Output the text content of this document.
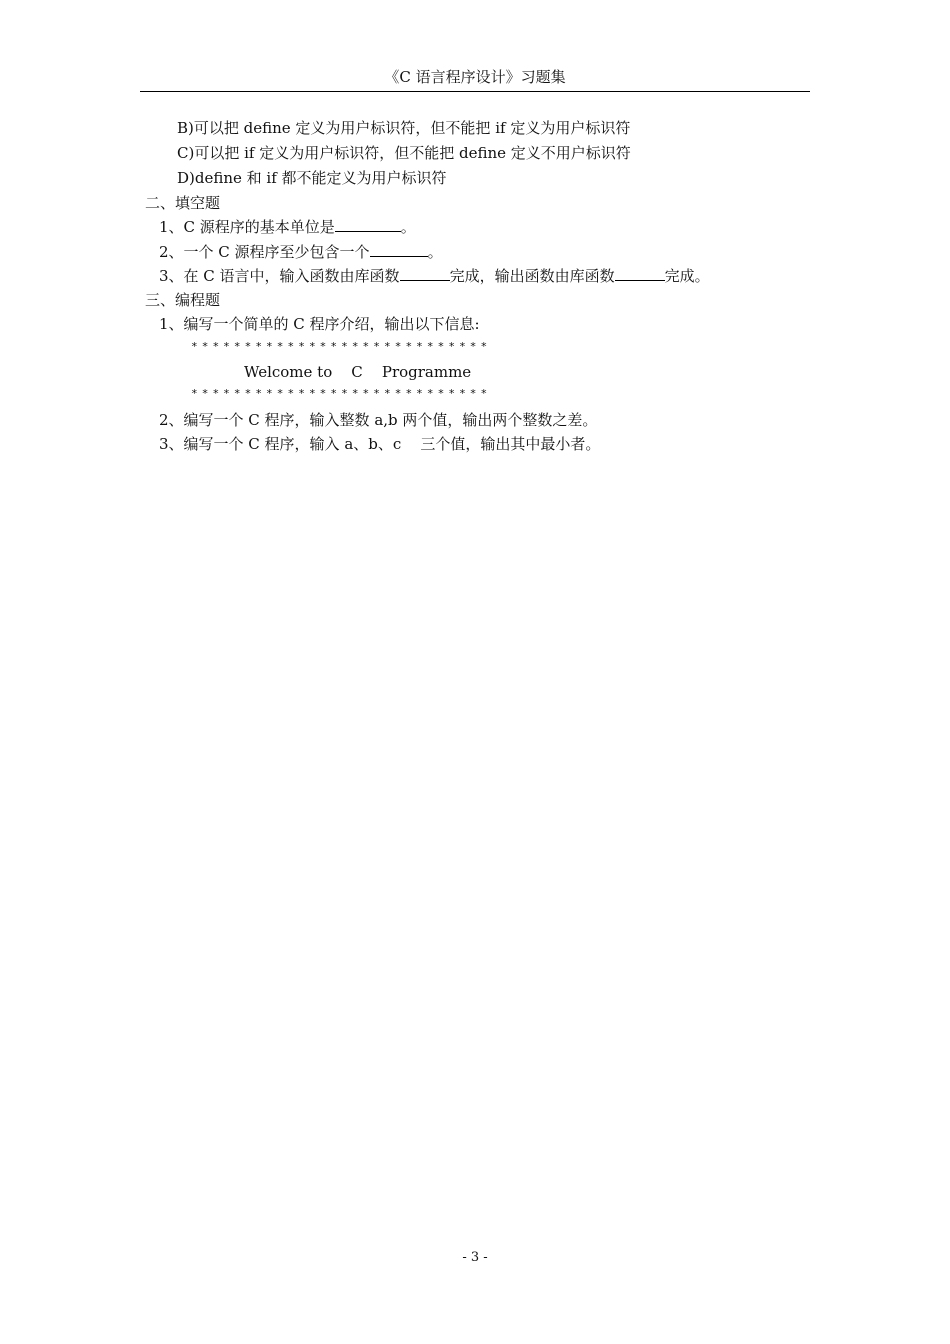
《C 语言程序设计》习题集
B)可以把 define 定义为用户标识符，但不能把 if 定义为用户标识符
C)可以把 if 定义为用户标识符，但不能把 define 定义不用户标识符
D)define 和 if 都不能定义为用户标识符
二、填空题
1、C 源程序的基本单位是	。
2、一个 C 源程序至少包含一个	。
3、在 C 语言中，输入函数由库函数	完成，输出函数由库函数	完成。
三、编程题
1、编写一个简单的 C 程序介绍，输出以下信息:
****************************
Welcome to    C    Programme
****************************
2、编写一个 C 程序，输入整数 a,b 两个值，输出两个整数之差。
3、编写一个 C 程序，输入 a、b、c    三个值，输出其中最小者。
- 3 -
